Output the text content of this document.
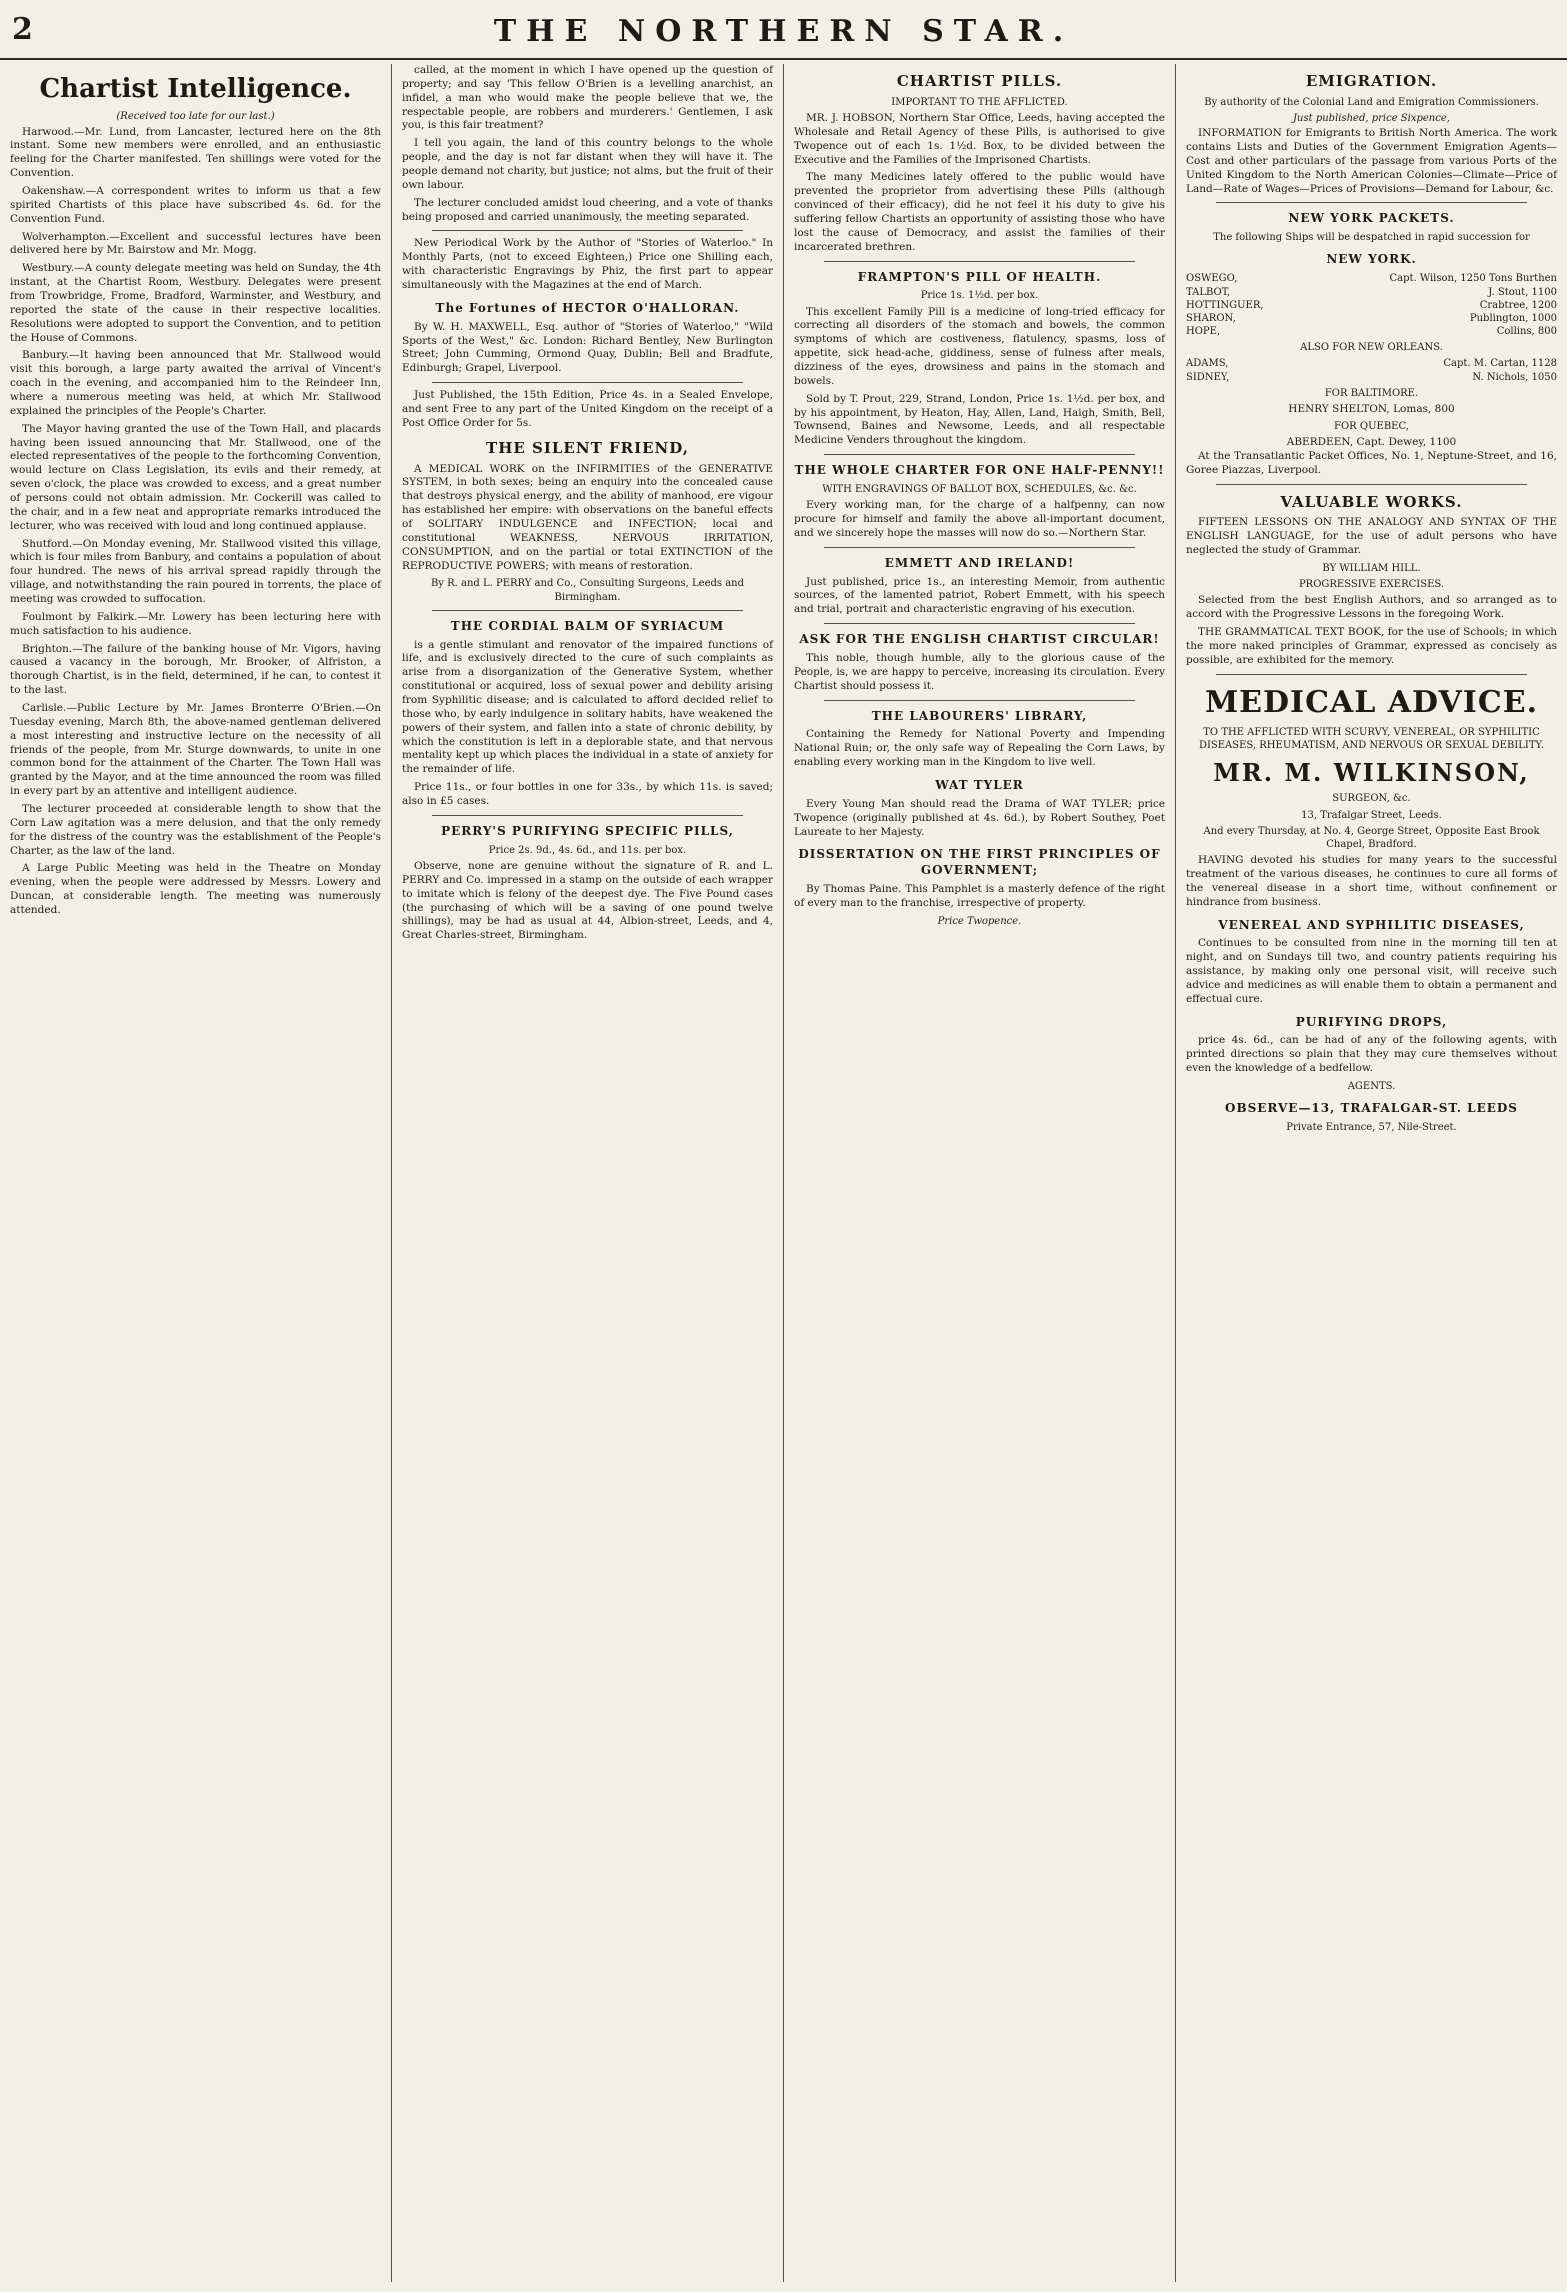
2	THE NORTHERN STAR.
Chartist Intelligence.
(Received too late for our last.)

Harwood.—Mr. Lund, from Lancaster, lectured here on the 8th instant. Some new members were enrolled, and an enthusiastic feeling for the Charter manifested. Ten shillings were voted for the Convention.

Oakenshaw.—A correspondent writes to inform us that a few spirited Chartists of this place have subscribed 4s. 6d. for the Convention Fund.

Wolverhampton.—Excellent and successful lectures have been delivered here by Mr. Bairstow and Mr. Mogg.

Westbury.—A county delegate meeting was held on Sunday, the 4th instant, at the Chartist Room, Westbury. Delegates were present from Trowbridge, Frome, Bradford, Warminster, and Westbury, and reported the state of the cause in their respective localities. Resolutions were adopted to support the Convention, and to petition the House of Commons.

Banbury.—It having been announced that Mr. Stallwood would visit this borough, a large party awaited the arrival of Vincent's coach in the evening, and accompanied him to the Reindeer Inn, where a numerous meeting was held, at which Mr. Stallwood explained the principles of the People's Charter.

The Mayor having granted the use of the Town Hall, and placards having been issued announcing that Mr. Stallwood, one of the elected representatives of the people to the forthcoming Convention, would lecture on Class Legislation, its evils and their remedy, at seven o'clock, the place was crowded to excess, and a great number of persons could not obtain admission. Mr. Cockerill was called to the chair, and in a few neat and appropriate remarks introduced the lecturer, who was received with loud and long continued applause.

Shutford.—On Monday evening, Mr. Stallwood visited this village, which is four miles from Banbury, and contains a population of about four hundred. The news of his arrival spread rapidly through the village, and notwithstanding the rain poured in torrents, the place of meeting was crowded to suffocation.

Foulmont by Falkirk.—Mr. Lowery has been lecturing here with much satisfaction to his audience.

Brighton.—The failure of the banking house of Mr. Vigors, having caused a vacancy in the borough, Mr. Brooker, of Alfriston, a thorough Chartist, is in the field, determined, if he can, to contest it to the last.

Carlisle.—Public Lecture by Mr. James Bronterre O'Brien.—On Tuesday evening, March 8th, the above-named gentleman delivered a most interesting and instructive lecture on the necessity of all friends of the people, from Mr. Sturge downwards, to unite in one common bond for the attainment of the Charter. The Town Hall was granted by the Mayor, and at the time announced the room was filled in every part by an attentive and intelligent audience.

The lecturer proceeded at considerable length to show that the Corn Law agitation was a mere delusion, and that the only remedy for the distress of the country was the establishment of the People's Charter, as the law of the land.

A Large Public Meeting was held in the Theatre on Monday evening, when the people were addressed by Messrs. Lowery and Duncan, at considerable length. The meeting was numerously attended.

called, at the moment in which I have opened up the question of property; and say 'This fellow O'Brien is a levelling anarchist, an infidel, a man who would make the people believe that we, the respectable people, are robbers and murderers.' Gentlemen, I ask you, is this fair treatment?

I tell you again, the land of this country belongs to the whole people, and the day is not far distant when they will have it. The people demand not charity, but justice; not alms, but the fruit of their own labour.

The lecturer concluded amidst loud cheering, and a vote of thanks being proposed and carried unanimously, the meeting separated.

New Periodical Work by the Author of "Stories of Waterloo." In Monthly Parts, (not to exceed Eighteen,) Price one Shilling each, with characteristic Engravings by Phiz, the first part to appear simultaneously with the Magazines at the end of March.

The Fortunes of HECTOR O'HALLORAN.

By W. H. MAXWELL, Esq. author of "Stories of Waterloo," "Wild Sports of the West," &c. London: Richard Bentley, New Burlington Street; John Cumming, Ormond Quay, Dublin; Bell and Bradfute, Edinburgh; Grapel, Liverpool.

Just Published, the 15th Edition, Price 4s. in a Sealed Envelope, and sent Free to any part of the United Kingdom on the receipt of a Post Office Order for 5s.

THE SILENT FRIEND,

A MEDICAL WORK on the INFIRMITIES of the GENERATIVE SYSTEM, in both sexes; being an enquiry into the concealed cause that destroys physical energy, and the ability of manhood, ere vigour has established her empire: with observations on the baneful effects of SOLITARY INDULGENCE and INFECTION; local and constitutional WEAKNESS, NERVOUS IRRITATION, CONSUMPTION, and on the partial or total EXTINCTION of the REPRODUCTIVE POWERS; with means of restoration.

By R. and L. PERRY and Co., Consulting Surgeons, Leeds and Birmingham.
THE CORDIAL BALM OF SYRIACUM

is a gentle stimulant and renovator of the impaired functions of life, and is exclusively directed to the cure of such complaints as arise from a disorganization of the Generative System, whether constitutional or acquired, loss of sexual power and debility arising from Syphilitic disease; and is calculated to afford decided relief to those who, by early indulgence in solitary habits, have weakened the powers of their system, and fallen into a state of chronic debility, by which the constitution is left in a deplorable state, and that nervous mentality kept up which places the individual in a state of anxiety for the remainder of life.

Price 11s., or four bottles in one for 33s., by which 11s. is saved; also in £5 cases.

PERRY'S PURIFYING SPECIFIC PILLS,
Price 2s. 9d., 4s. 6d., and 11s. per box.

Observe, none are genuine without the signature of R. and L. PERRY and Co. impressed in a stamp on the outside of each wrapper to imitate which is felony of the deepest dye. The Five Pound cases (the purchasing of which will be a saving of one pound twelve shillings), may be had as usual at 44, Albion-street, Leeds, and 4, Great Charles-street, Birmingham.

CHARTIST PILLS.
IMPORTANT TO THE AFFLICTED.

MR. J. HOBSON, Northern Star Office, Leeds, having accepted the Wholesale and Retail Agency of these Pills, is authorised to give Twopence out of each 1s. 1½d. Box, to be divided between the Executive and the Families of the Imprisoned Chartists.

The many Medicines lately offered to the public would have prevented the proprietor from advertising these Pills (although convinced of their efficacy), did he not feel it his duty to give his suffering fellow Chartists an opportunity of assisting those who have lost the cause of Democracy, and assist the families of their incarcerated brethren.

FRAMPTON'S PILL OF HEALTH.
Price 1s. 1½d. per box.

This excellent Family Pill is a medicine of long-tried efficacy for correcting all disorders of the stomach and bowels, the common symptoms of which are costiveness, flatulency, spasms, loss of appetite, sick head-ache, giddiness, sense of fulness after meals, dizziness of the eyes, drowsiness and pains in the stomach and bowels.

Sold by T. Prout, 229, Strand, London, Price 1s. 1½d. per box, and by his appointment, by Heaton, Hay, Allen, Land, Haigh, Smith, Bell, Townsend, Baines and Newsome, Leeds, and all respectable Medicine Venders throughout the kingdom.

THE WHOLE CHARTER FOR ONE HALF-PENNY!!
WITH ENGRAVINGS OF BALLOT BOX, SCHEDULES, &c. &c.

Every working man, for the charge of a halfpenny, can now procure for himself and family the above all-important document, and we sincerely hope the masses will now do so.—Northern Star.

EMMETT AND IRELAND!

Just published, price 1s., an interesting Memoir, from authentic sources, of the lamented patriot, Robert Emmett, with his speech and trial, portrait and characteristic engraving of his execution.

ASK FOR THE ENGLISH CHARTIST CIRCULAR!

This noble, though humble, ally to the glorious cause of the People, is, we are happy to perceive, increasing its circulation. Every Chartist should possess it.

THE LABOURERS' LIBRARY,

Containing the Remedy for National Poverty and Impending National Ruin; or, the only safe way of Repealing the Corn Laws, by enabling every working man in the Kingdom to live well.

WAT TYLER

Every Young Man should read the Drama of WAT TYLER; price Twopence (originally published at 4s. 6d.), by Robert Southey, Poet Laureate to her Majesty.

DISSERTATION ON THE FIRST PRINCIPLES OF GOVERNMENT;

By Thomas Paine. This Pamphlet is a masterly defence of the right of every man to the franchise, irrespective of property.

Price Twopence.
EMIGRATION.
By authority of the Colonial Land and Emigration Commissioners.
Just published, price Sixpence,

INFORMATION for Emigrants to British North America. The work contains Lists and Duties of the Government Emigration Agents—Cost and other particulars of the passage from various Ports of the United Kingdom to the North American Colonies—Climate—Price of Land—Rate of Wages—Prices of Provisions—Demand for Labour, &c.

NEW YORK PACKETS.
The following Ships will be despatched in rapid succession for
NEW YORK.
OSWEGO,	Capt. Wilson, 1250 Tons Burthen
TALBOT,	J. Stout, 1100
HOTTINGUER,	Crabtree, 1200
SHARON,	Publington, 1000
HOPE,	Collins, 800
ALSO FOR NEW ORLEANS.
ADAMS,	Capt. M. Cartan, 1128
SIDNEY,	N. Nichols, 1050
FOR BALTIMORE.
HENRY SHELTON, Lomas, 800
FOR QUEBEC,
ABERDEEN, Capt. Dewey, 1100

At the Transatlantic Packet Offices, No. 1, Neptune-Street, and 16, Goree Piazzas, Liverpool.

VALUABLE WORKS.

FIFTEEN LESSONS ON THE ANALOGY AND SYNTAX OF THE ENGLISH LANGUAGE, for the use of adult persons who have neglected the study of Grammar.

BY WILLIAM HILL.
PROGRESSIVE EXERCISES.

Selected from the best English Authors, and so arranged as to accord with the Progressive Lessons in the foregoing Work.

THE GRAMMATICAL TEXT BOOK, for the use of Schools; in which the more naked principles of Grammar, expressed as concisely as possible, are exhibited for the memory.

MEDICAL ADVICE.
TO THE AFFLICTED WITH SCURVY, VENEREAL, OR SYPHILITIC DISEASES, RHEUMATISM, AND NERVOUS OR SEXUAL DEBILITY.
MR. M. WILKINSON,
SURGEON, &c.
13, Trafalgar Street, Leeds.
And every Thursday, at No. 4, George Street, Opposite East Brook Chapel, Bradford.

HAVING devoted his studies for many years to the successful treatment of the various diseases, he continues to cure all forms of the venereal disease in a short time, without confinement or hindrance from business.

VENEREAL AND SYPHILITIC DISEASES,

Continues to be consulted from nine in the morning till ten at night, and on Sundays till two, and country patients requiring his assistance, by making only one personal visit, will receive such advice and medicines as will enable them to obtain a permanent and effectual cure.

PURIFYING DROPS,

price 4s. 6d., can be had of any of the following agents, with printed directions so plain that they may cure themselves without even the knowledge of a bedfellow.

AGENTS.
OBSERVE—13, TRAFALGAR-ST. LEEDS
Private Entrance, 57, Nile-Street.
